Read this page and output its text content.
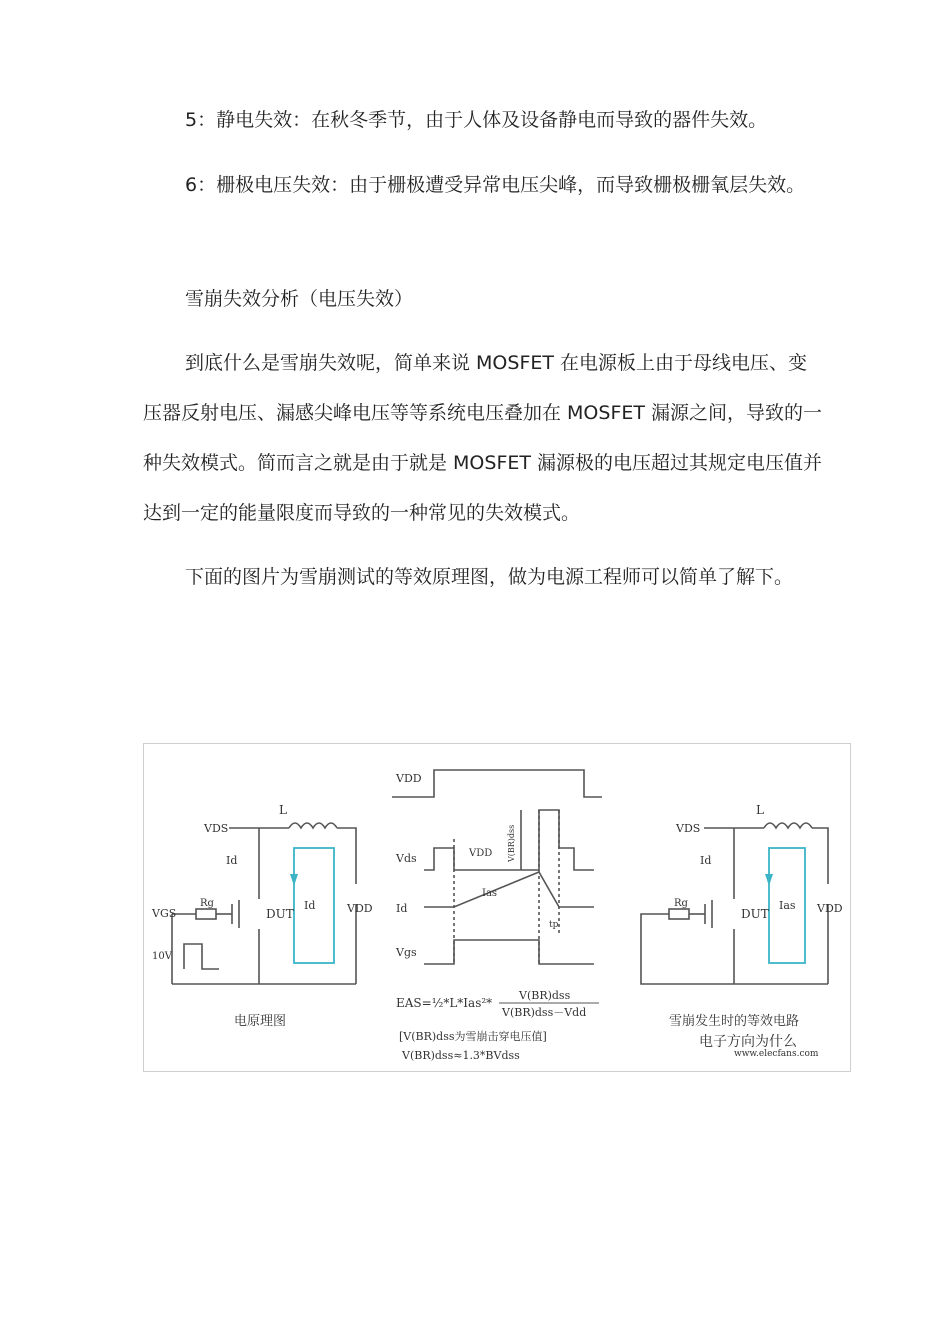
5：静电失效：在秋冬季节，由于人体及设备静电而导致的器件失效。

6：栅极电压失效：由于栅极遭受异常电压尖峰，而导致栅极栅氧层失效。

雪崩失效分析（电压失效）

到底什么是雪崩失效呢，简单来说 MOSFET 在电源板上由于母线电压、变压器反射电压、漏感尖峰电压等等系统电压叠加在 MOSFET 漏源之间，导致的一种失效模式。简而言之就是由于就是 MOSFET 漏源极的电压超过其规定电压值并达到一定的能量限度而导致的一种常见的失效模式。

下面的图片为雪崩测试的等效原理图，做为电源工程师可以简单了解下。

L
VDS
Id
VGS
Rg
DUT	VDD
10V
Id
电原理图
VDD
Vds
Id
Vgs
VDD
Ias
tp
V(BR)dss
EAS=½*L*Ias²*
V(BR)dss
V(BR)dss－Vdd
[V(BR)dss为雪崩击穿电压值]
V(BR)dss≈1.3*BVdss
L
VDS
Id
Rg
DUT
Ias VDD
雪崩发生时的等效电路
电子方向为什么
www.elecfans.com
